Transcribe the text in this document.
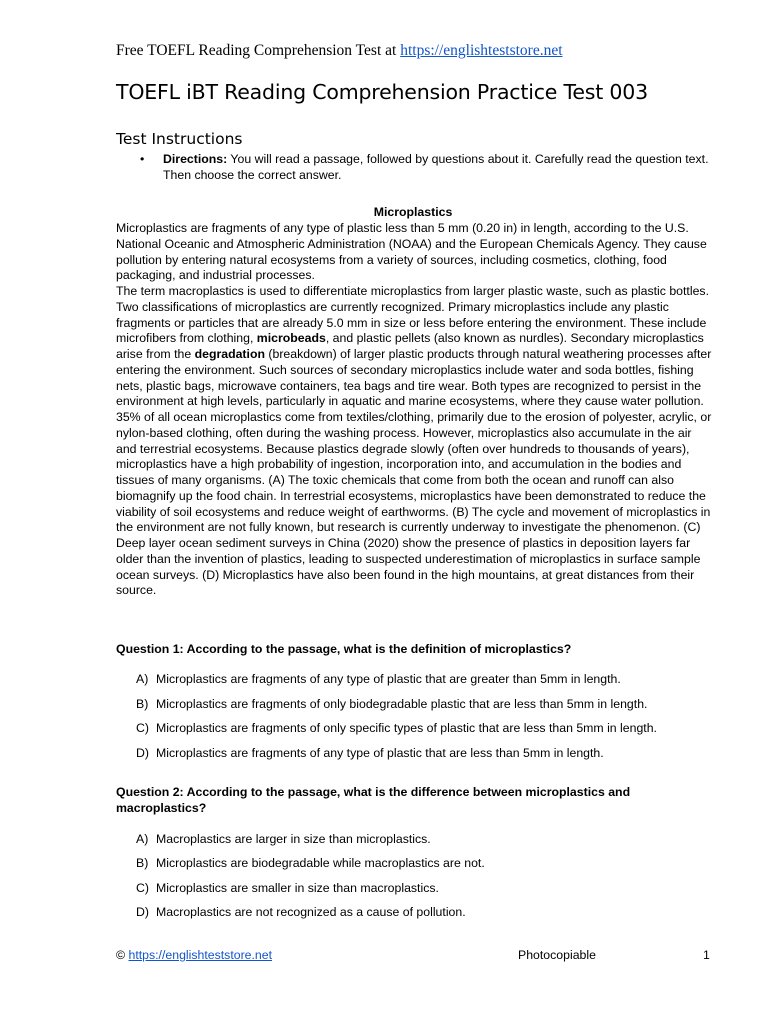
Free TOEFL Reading Comprehension Test at https://englishteststore.net
TOEFL iBT Reading Comprehension Practice Test 003
Test Instructions
• Directions: You will read a passage, followed by questions about it. Carefully read the question text. Then choose the correct answer.
Microplastics

Microplastics are fragments of any type of plastic less than 5 mm (0.20 in) in length, according to the U.S. National Oceanic and Atmospheric Administration (NOAA) and the European Chemicals Agency. They cause pollution by entering natural ecosystems from a variety of sources, including cosmetics, clothing, food packaging, and industrial processes.

The term macroplastics is used to differentiate microplastics from larger plastic waste, such as plastic bottles. Two classifications of microplastics are currently recognized. Primary microplastics include any plastic fragments or particles that are already 5.0 mm in size or less before entering the environment. These include microfibers from clothing, microbeads, and plastic pellets (also known as nurdles). Secondary microplastics arise from the degradation (breakdown) of larger plastic products through natural weathering processes after entering the environment. Such sources of secondary microplastics include water and soda bottles, fishing nets, plastic bags, microwave containers, tea bags and tire wear. Both types are recognized to persist in the environment at high levels, particularly in aquatic and marine ecosystems, where they cause water pollution. 35% of all ocean microplastics come from textiles/clothing, primarily due to the erosion of polyester, acrylic, or nylon-based clothing, often during the washing process. However, microplastics also accumulate in the air and terrestrial ecosystems. Because plastics degrade slowly (often over hundreds to thousands of years), microplastics have a high probability of ingestion, incorporation into, and accumulation in the bodies and tissues of many organisms. (A) The toxic chemicals that come from both the ocean and runoff can also biomagnify up the food chain. In terrestrial ecosystems, microplastics have been demonstrated to reduce the viability of soil ecosystems and reduce weight of earthworms. (B) The cycle and movement of microplastics in the environment are not fully known, but research is currently underway to investigate the phenomenon. (C) Deep layer ocean sediment surveys in China (2020) show the presence of plastics in deposition layers far older than the invention of plastics, leading to suspected underestimation of microplastics in surface sample ocean surveys. (D) Microplastics have also been found in the high mountains, at great distances from their source.

Question 1: According to the passage, what is the definition of microplastics?
A) Microplastics are fragments of any type of plastic that are greater than 5mm in length.
B) Microplastics are fragments of only biodegradable plastic that are less than 5mm in length.
C) Microplastics are fragments of only specific types of plastic that are less than 5mm in length.
D) Microplastics are fragments of any type of plastic that are less than 5mm in length.
Question 2: According to the passage, what is the difference between microplastics and macroplastics?
A) Macroplastics are larger in size than microplastics.
B) Microplastics are biodegradable while macroplastics are not.
C) Microplastics are smaller in size than macroplastics.
D) Macroplastics are not recognized as a cause of pollution.
© https://englishteststore.net	Photocopiable	1
